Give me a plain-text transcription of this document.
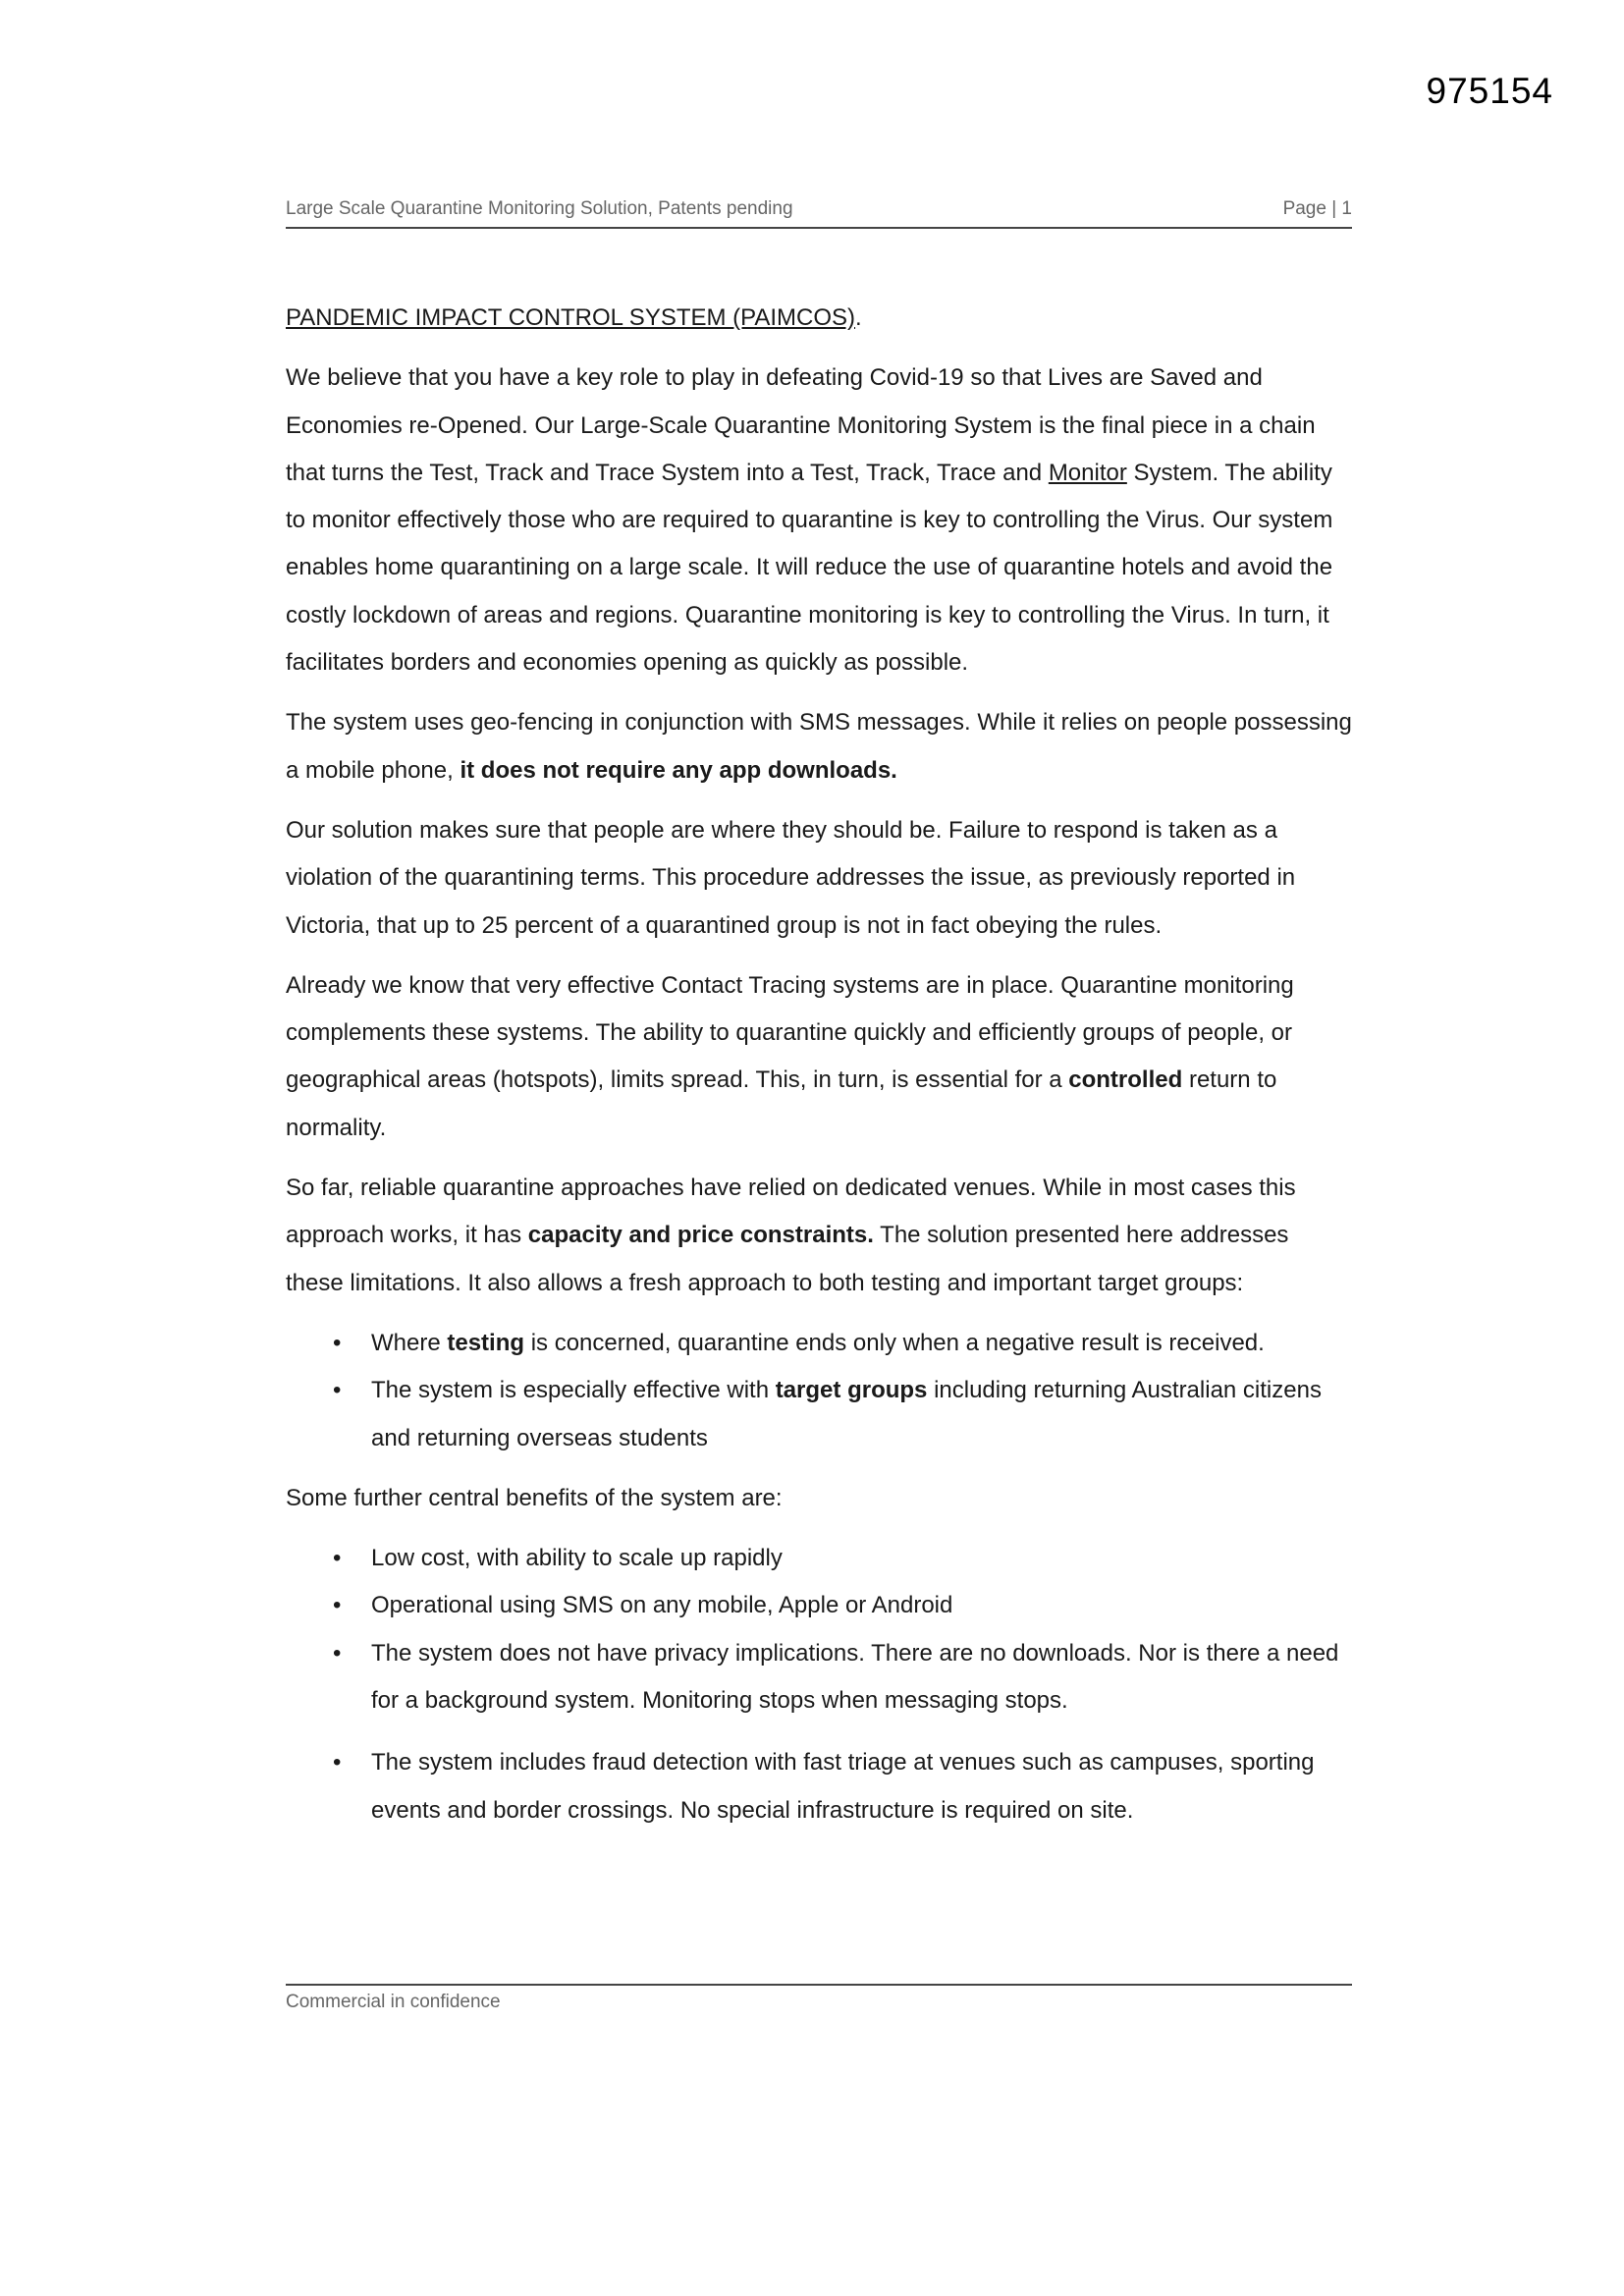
975154
Large Scale Quarantine Monitoring Solution, Patents pending	Page | 1

PANDEMIC IMPACT CONTROL SYSTEM (PAIMCOS).

We believe that you have a key role to play in defeating Covid-19 so that Lives are Saved and Economies re-Opened. Our Large-Scale Quarantine Monitoring System is the final piece in a chain that turns the Test, Track and Trace System into a Test, Track, Trace and Monitor System. The ability to monitor effectively those who are required to quarantine is key to controlling the Virus. Our system enables home quarantining on a large scale. It will reduce the use of quarantine hotels and avoid the costly lockdown of areas and regions. Quarantine monitoring is key to controlling the Virus. In turn, it facilitates borders and economies opening as quickly as possible.

The system uses geo-fencing in conjunction with SMS messages. While it relies on people possessing a mobile phone, it does not require any app downloads.

Our solution makes sure that people are where they should be. Failure to respond is taken as a violation of the quarantining terms. This procedure addresses the issue, as previously reported in Victoria, that up to 25 percent of a quarantined group is not in fact obeying the rules.

Already we know that very effective Contact Tracing systems are in place. Quarantine monitoring complements these systems. The ability to quarantine quickly and efficiently groups of people, or geographical areas (hotspots), limits spread. This, in turn, is essential for a controlled return to normality.

So far, reliable quarantine approaches have relied on dedicated venues. While in most cases this approach works, it has capacity and price constraints. The solution presented here addresses these limitations. It also allows a fresh approach to both testing and important target groups:

• Where testing is concerned, quarantine ends only when a negative result is received.
• The system is especially effective with target groups including returning Australian citizens and returning overseas students

Some further central benefits of the system are:

• Low cost, with ability to scale up rapidly
• Operational using SMS on any mobile, Apple or Android
• The system does not have privacy implications. There are no downloads. Nor is there a need for a background system. Monitoring stops when messaging stops.
• The system includes fraud detection with fast triage at venues such as campuses, sporting events and border crossings. No special infrastructure is required on site.
Commercial in confidence
